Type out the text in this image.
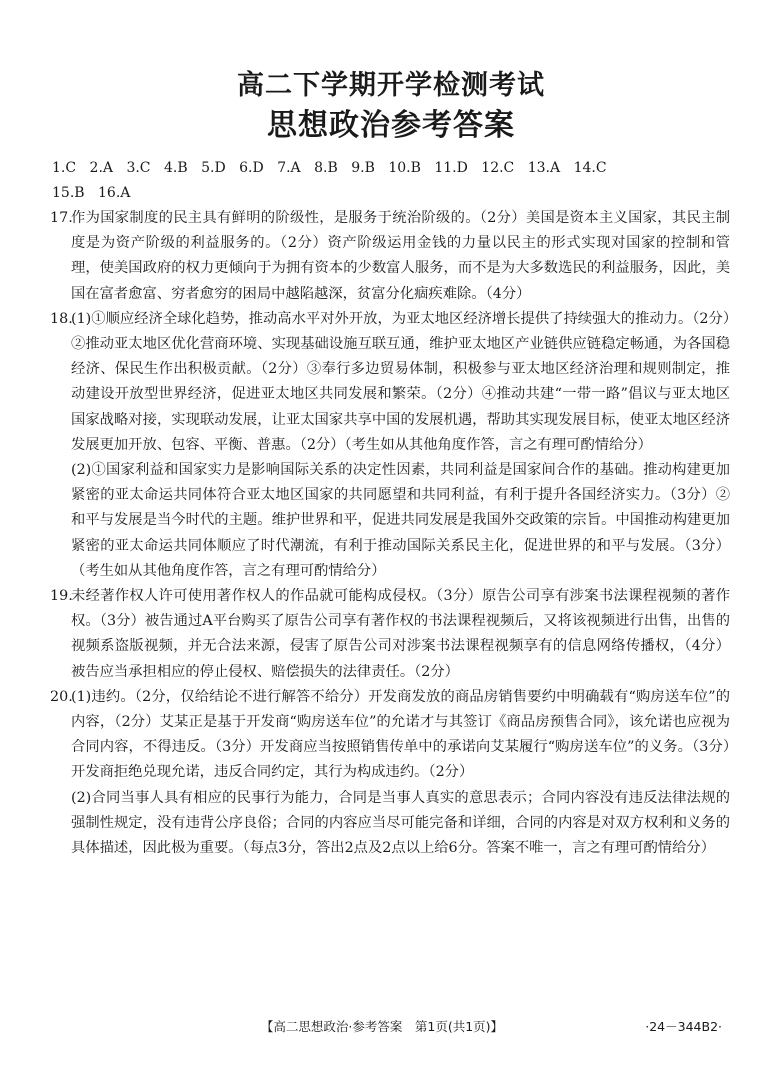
高二下学期开学检测考试
思想政治参考答案
1.C 2.A 3.C 4.B 5.D 6.D 7.A 8.B 9.B 10.B 11.D 12.C 13.A 14.C
15.B 16.A
17.

作为国家制度的民主具有鲜明的阶级性，是服务于统治阶级的。（2分）美国是资本主义国家，其民主制度是为资产阶级的利益服务的。（2分）资产阶级运用金钱的力量以民主的形式实现对国家的控制和管理，使美国政府的权力更倾向于为拥有资本的少数富人服务，而不是为大多数选民的利益服务，因此，美国在富者愈富、穷者愈穷的困局中越陷越深，贫富分化痼疾难除。（4分）

18.

(1)①顺应经济全球化趋势，推动高水平对外开放，为亚太地区经济增长提供了持续强大的推动力。（2分）②推动亚太地区优化营商环境、实现基础设施互联互通，维护亚太地区产业链供应链稳定畅通，为各国稳经济、保民生作出积极贡献。（2分）③奉行多边贸易体制，积极参与亚太地区经济治理和规则制定，推动建设开放型世界经济，促进亚太地区共同发展和繁荣。（2分）④推动共建“一带一路”倡议与亚太地区国家战略对接，实现联动发展，让亚太国家共享中国的发展机遇，帮助其实现发展目标，使亚太地区经济发展更加开放、包容、平衡、普惠。（2分）（考生如从其他角度作答，言之有理可酌情给分）

(2)①国家利益和国家实力是影响国际关系的决定性因素，共同利益是国家间合作的基础。推动构建更加紧密的亚太命运共同体符合亚太地区国家的共同愿望和共同利益，有利于提升各国经济实力。（3分）②和平与发展是当今时代的主题。维护世界和平，促进共同发展是我国外交政策的宗旨。中国推动构建更加紧密的亚太命运共同体顺应了时代潮流，有利于推动国际关系民主化，促进世界的和平与发展。（3分）（考生如从其他角度作答，言之有理可酌情给分）

19.

未经著作权人许可使用著作权人的作品就可能构成侵权。（3分）原告公司享有涉案书法课程视频的著作权。（3分）被告通过A平台购买了原告公司享有著作权的书法课程视频后，又将该视频进行出售，出售的视频系盗版视频，并无合法来源，侵害了原告公司对涉案书法课程视频享有的信息网络传播权，（4分）被告应当承担相应的停止侵权、赔偿损失的法律责任。（2分）

20.

(1)违约。（2分，仅给结论不进行解答不给分）开发商发放的商品房销售要约中明确载有“购房送车位”的内容，（2分）艾某正是基于开发商“购房送车位”的允诺才与其签订《商品房预售合同》，该允诺也应视为合同内容，不得违反。（3分）开发商应当按照销售传单中的承诺向艾某履行“购房送车位”的义务。（3分）开发商拒绝兑现允诺，违反合同约定，其行为构成违约。（2分）

(2)合同当事人具有相应的民事行为能力，合同是当事人真实的意思表示；合同内容没有违反法律法规的强制性规定，没有违背公序良俗；合同的内容应当尽可能完备和详细，合同的内容是对双方权利和义务的具体描述，因此极为重要。（每点3分，答出2点及2点以上给6分。答案不唯一，言之有理可酌情给分）

【高二思想政治·参考答案　第1页(共1页)】	·24－344B2·
